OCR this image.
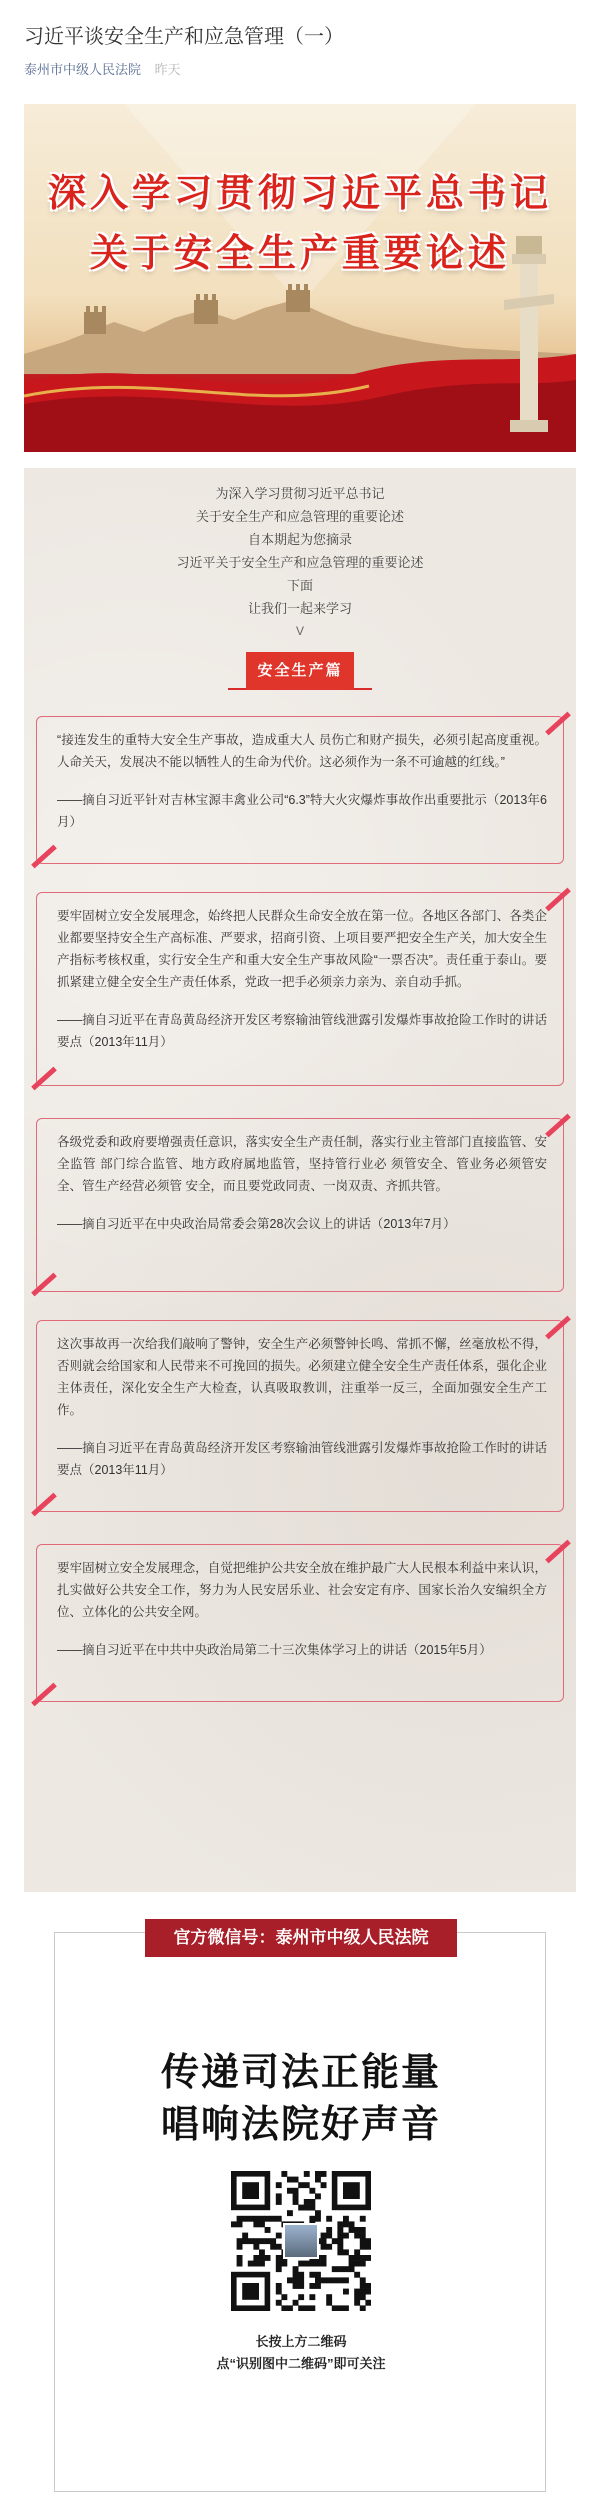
习近平谈安全生产和应急管理（一）
泰州市中级人民法院 昨天
深入学习贯彻习近平总书记
关于安全生产重要论述
为深入学习贯彻习近平总书记
关于安全生产和应急管理的重要论述
自本期起为您摘录
习近平关于安全生产和应急管理的重要论述
下面
让我们一起来学习
V
安全生产篇
“接连发生的重特大安全生产事故，造成重大人 员伤亡和财产损失，必须引起高度重视。人命关天，发展决不能以牺牲人的生命为代价。这必须作为一条不可逾越的红线。”
——摘自习近平针对吉林宝源丰禽业公司“6.3”特大火灾爆炸事故作出重要批示（2013年6月）
要牢固树立安全发展理念，始终把人民群众生命安全放在第一位。各地区各部门、各类企业都要坚持安全生产高标准、严要求，招商引资、上项目要严把安全生产关，加大安全生产指标考核权重，实行安全生产和重大安全生产事故风险“一票否决”。责任重于泰山。要抓紧建立健全安全生产责任体系，党政一把手必须亲力亲为、亲自动手抓。
——摘自习近平在青岛黄岛经济开发区考察输油管线泄露引发爆炸事故抢险工作时的讲话要点（2013年11月）
各级党委和政府要增强责任意识，落实安全生产责任制，落实行业主管部门直接监管、安全监管 部门综合监管、地方政府属地监管，坚持管行业必 须管安全、管业务必须管安全、管生产经营必须管 安全，而且要党政同责、一岗双责、齐抓共管。
——摘自习近平在中央政治局常委会第28次会议上的讲话（2013年7月）
这次事故再一次给我们敲响了警钟，安全生产必须警钟长鸣、常抓不懈，丝毫放松不得，否则就会给国家和人民带来不可挽回的损失。必须建立健全安全生产责任体系，强化企业主体责任，深化安全生产大检查，认真吸取教训，注重举一反三，全面加强安全生产工作。
——摘自习近平在青岛黄岛经济开发区考察输油管线泄露引发爆炸事故抢险工作时的讲话要点（2013年11月）
要牢固树立安全发展理念，自觉把维护公共安全放在维护最广大人民根本利益中来认识，扎实做好公共安全工作，努力为人民安居乐业、社会安定有序、国家长治久安编织全方位、立体化的公共安全网。
——摘自习近平在中共中央政治局第二十三次集体学习上的讲话（2015年5月）
官方微信号：泰州市中级人民法院
传递司法正能量
唱响法院好声音
长按上方二维码
点“识别图中二维码”即可关注
